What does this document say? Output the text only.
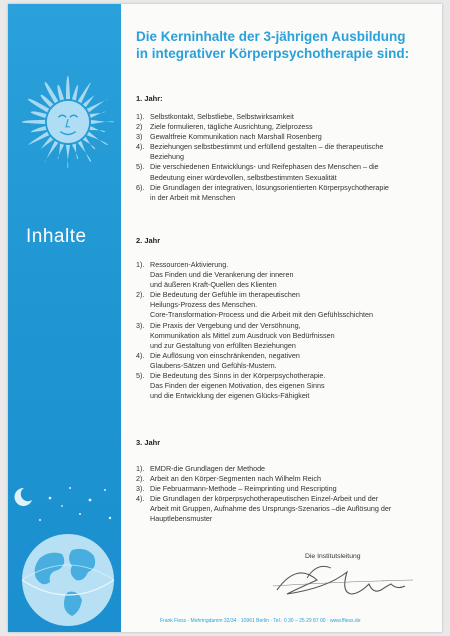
Inhalte
Die Kerninhalte der 3-jährigen Ausbildung
in integrativer Körperpsychotherapie sind:
1. Jahr:
1). Selbstkontakt, Selbstliebe, Selbstwirksamkeit
2) Ziele formulieren, tägliche Ausrichtung, Zielprozess
3) Gewaltfreie Kommunikation nach Marshall Rosenberg
4). Beziehungen selbstbestimmt und erfüllend gestalten – die therapeutische
Beziehung
5). Die verschiedenen Entwicklungs- und Reifephasen des Menschen – die
Bedeutung einer würdevollen, selbstbestimmten Sexualität
6). Die Grundlagen der integrativen, lösungsorientierten Körperpsychotherapie
in der Arbeit mit Menschen
2. Jahr
1). Ressourcen-Aktivierung.
Das Finden und die Verankerung der inneren
und äußeren Kraft-Quellen des Klienten
2). Die Bedeutung der Gefühle im therapeutischen
Heilungs-Prozess des Menschen.
Core-Transformation-Process und die Arbeit mit den Gefühlsschichten
3). Die Praxis der Vergebung und der Versöhnung,
Kommunikation als Mittel zum Ausdruck von Bedürfnissen
und zur Gestaltung von erfüllten Beziehungen
4). Die Auflösung von einschränkenden, negativen
Glaubens-Sätzen und Gefühls-Mustern.
5). Die Bedeutung des Sinns in der Körperpsychotherapie.
Das Finden der eigenen Motivation, des eigenen Sinns
und die Entwicklung der eigenen Glücks-Fähigkeit
3. Jahr
1). EMDR-die Grundlagen der Methode
2). Arbeit an den Körper-Segmenten nach Wilhelm Reich
3). Die Februarmann-Methode – Reimprinting und Rescripting
4). Die Grundlagen der körperpsychotherapeutischen Einzel-Arbeit und der
Arbeit mit Gruppen, Aufnahme des Ursprungs-Szenarios –die Auflösung der
Hauptlebensmuster
Die Institutsleitung
Frank Fiess · Mehringdamm 32/34 · 10961 Berlin · Tel.: 0 30 – 25 29 87 00 · www.ffiess.de
